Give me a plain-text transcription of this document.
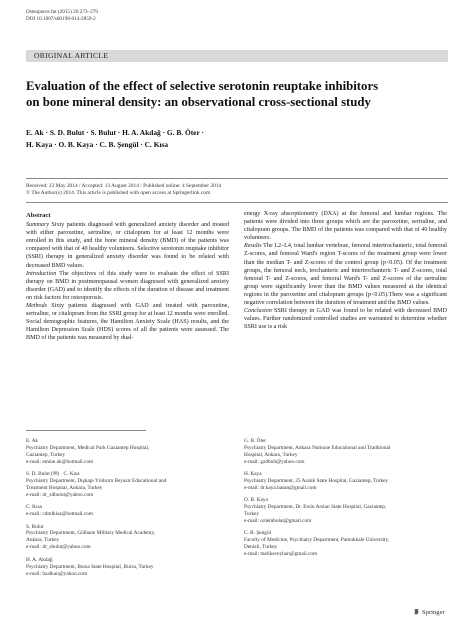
Osteoporos Int (2015) 26:273–279
DOI 10.1007/s00198-014-2859-2
ORIGINAL ARTICLE
Evaluation of the effect of selective serotonin reuptake inhibitors
on bone mineral density: an observational cross-sectional study
E. Ak · S. D. Bulut · S. Bulut · H. A. Akdağ · G. B. Öter ·
H. Kaya · O. B. Kaya · C. B. Şengül · C. Kısa
Received: 23 May 2014 / Accepted: 13 August 2014 / Published online: 4 September 2014
© The Author(s) 2014. This article is published with open access at Springerlink.com

Abstract

Summary Sixty patients diagnosed with generalized anxiety disorder and treated with either paroxetine, sertraline, or citalopram for at least 12 months were enrolled in this study, and the bone mineral density (BMD) of the patients was compared with that of 40 healthy volunteers. Selective serotonin reuptake inhibitor (SSRI) therapy in generalized anxiety disorder was found to be related with decreased BMD values.

Introduction The objectives of this study were to evaluate the effect of SSRI therapy on BMD in postmenopausal women diagnosed with generalized anxiety disorder (GAD) and to identify the effects of the duration of disease and treatment on risk factors for osteoporosis.

Methods Sixty patients diagnosed with GAD and treated with paroxetine, sertraline, or citalopram from the SSRI group for at least 12 months were enrolled. Social demographic features, the Hamilton Anxiety Scale (HAS) results, and the Hamilton Depression Scale (HDS) scores of all the patients were assessed. The BMD of the patients was measured by dual-

energy X-ray absorptiometry (DXA) at the femoral and lumbar regions. The patients were divided into three groups which are the paroxetine, sertraline, and citalopram groups. The BMD of the patients was compared with that of 40 healthy volunteers.

Results The L2–L4, total lumbar vertebrae, femoral intertrochanteric, total femoral Z-scores, and femoral Ward's region T-scores of the treatment group were lower than the median T- and Z-scores of the control group (p<0.05). Of the treatment groups, the femoral neck, trochanteric and intertrochanteric T- and Z-scores, total femoral T- and Z-scores, and femoral Ward's T- and Z-scores of the sertraline group were significantly lower than the BMD values measured at the identical regions in the paroxetine and citalopram groups (p<0.05).There was a significant negative correlation between the duration of treatment and the BMD values.

Conclusion SSRI therapy in GAD was found to be related with decreased BMD values. Further randomized controlled studies are warranted to determine whether SSRI use is a risk

E. Ak
Psychiatry Department, Medical Park Gaziantep Hospital,
Gaziantep, Turkey
e-mail: emine.ak@hotmail.com
S. D. Bulut (✉) · C. Kısa
Psychiatry Department, Dışkapı Yıldırım Beyazıt Educational and
Treatment Hospital, Ankara, Turkey
e-mail: dr_sdbulut@yahoo.com
C. Kısa
e-mail: cdmlkisa@hotmail.com
S. Bulut
Psychiatry Department, Gülhane Military Medical Academy,
Ankara, Turkey
e-mail: dr_sbulut@yahoo.com
H. A. Akdağ
Psychiatry Department, Bursa State Hospital, Bursa, Turkey
e-mail: hzalkan@yahoo.com
G. B. Öter
Psychiatry Department, Ankara Numune Educational and Traditional
Hospital, Ankara, Turkey
e-mail: gzdbolt@yahoo.com
H. Kaya
Psychiatry Department, 25 Aralık State Hospital, Gaziantep, Turkey
e-mail: dr.kaya.hasan@gmail.com
O. B. Kaya
Psychiatry Department, Dr. Ersin Arslan State Hospital, Gaziantep,
Turkey
e-mail: ozlembolat@gmail.com
C. B. Şengül
Faculty of Medicine, Psychiatry Department, Pamukkale University,
Denizli, Turkey
e-mail: melikeceyhan@gmail.com
Springer
